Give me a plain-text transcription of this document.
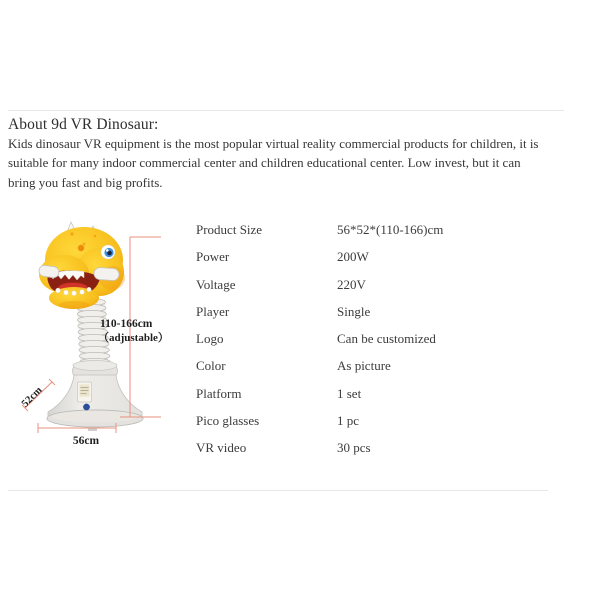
About 9d VR Dinosaur:

Kids dinosaur VR equipment is the most popular virtual reality commercial products for children, it is suitable for many indoor commercial center and children educational center. Low invest, but it can bring you fast and big profits.

110-166cm
（adjustable）
52cm
56cm
Product Size	56*52*(110-166)cm
Power	200W
Voltage	220V
Player	Single
Logo	Can be customized
Color	As picture
Platform	1 set
Pico glasses	1 pc
VR video	30 pcs
